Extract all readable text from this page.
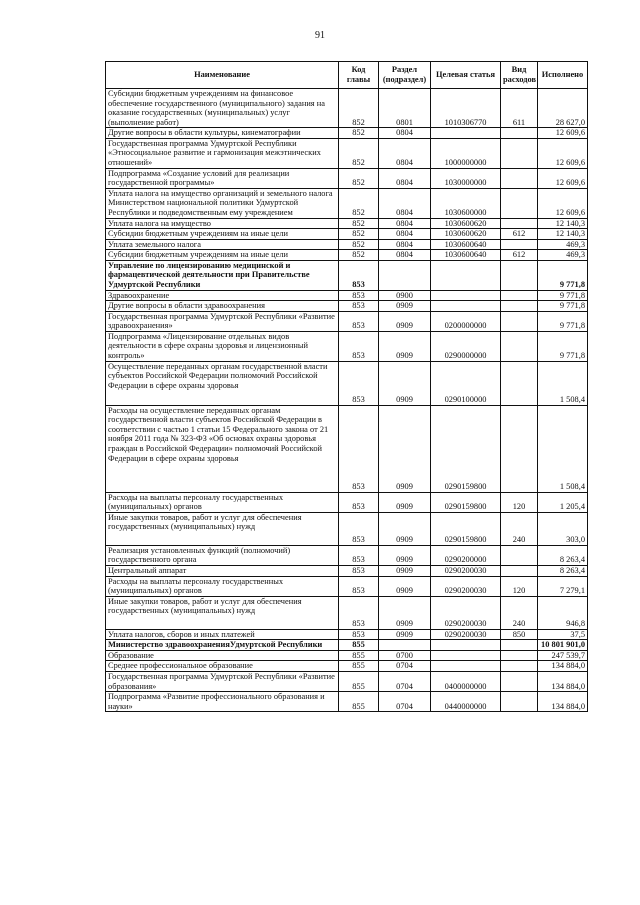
91
Наименование	Код главы	Раздел (подраздел)	Целевая статья	Вид расходов	Исполнено
Субсидии бюджетным учреждениям на финансовое обеспечение государственного (муниципального) задания на оказание государственных (муниципальных) услуг (выполнение работ)	852	0801	1010306770	611	28 627,0
Другие вопросы в области культуры, кинематографии	852	0804			12 609,6
Государственная программа Удмуртской Республики «Этносоциальное развитие и гармонизация межэтнических отношений»	852	0804	1000000000		12 609,6
Подпрограмма «Создание условий для реализации государственной программы»	852	0804	1030000000		12 609,6
Уплата налога на имущество организаций и земельного налога Министерством национальной политики Удмуртской Республики и подведомственным ему учреждением	852	0804	1030600000		12 609,6
Уплата налога на имущество	852	0804	1030600620		12 140,3
Субсидии бюджетным учреждениям на иные цели	852	0804	1030600620	612	12 140,3
Уплата земельного налога	852	0804	1030600640		469,3
Субсидии бюджетным учреждениям на иные цели	852	0804	1030600640	612	469,3
Управление по лицензированию медицинской и фармацевтической деятельности при Правительстве Удмуртской Республики	853				9 771,8
Здравоохранение	853	0900			9 771,8
Другие вопросы в области здравоохранения	853	0909			9 771,8
Государственная программа Удмуртской Республики «Развитие здравоохранения»	853	0909	0200000000		9 771,8
Подпрограмма «Лицензирование отдельных видов деятельности в сфере охраны здоровья и лицензионный контроль»	853	0909	0290000000		9 771,8
Осуществление переданных органам государственной власти субъектов Российской Федерации полномочий Российской Федерации в сфере охраны здоровья	853	0909	0290100000		1 508,4
Расходы на осуществление переданных органам государственной власти субъектов Российской Федерации в соответствии с частью 1 статьи 15 Федерального закона от 21 ноября 2011 года № 323-ФЗ «Об основах охраны здоровья граждан в Российской Федерации» полномочий Российской Федерации в сфере охраны здоровья	853	0909	0290159800		1 508,4
Расходы на выплаты персоналу государственных (муниципальных) органов	853	0909	0290159800	120	1 205,4
Иные закупки товаров, работ и услуг для обеспечения государственных (муниципальных) нужд	853	0909	0290159800	240	303,0
Реализация установленных функций (полномочий) государственного органа	853	0909	0290200000		8 263,4
Центральный аппарат	853	0909	0290200030		8 263,4
Расходы на выплаты персоналу государственных (муниципальных) органов	853	0909	0290200030	120	7 279,1
Иные закупки товаров, работ и услуг для обеспечения государственных (муниципальных) нужд	853	0909	0290200030	240	946,8
Уплата налогов, сборов и иных платежей	853	0909	0290200030	850	37,5
Министерство здравоохраненияУдмуртской Республики	855				10 801 901,0
Образование	855	0700			247 539,7
Среднее профессиональное образование	855	0704			134 884,0
Государственная программа Удмуртской Республики «Развитие образования»	855	0704	0400000000		134 884,0
Подпрограмма «Развитие профессионального образования и науки»	855	0704	0440000000		134 884,0
